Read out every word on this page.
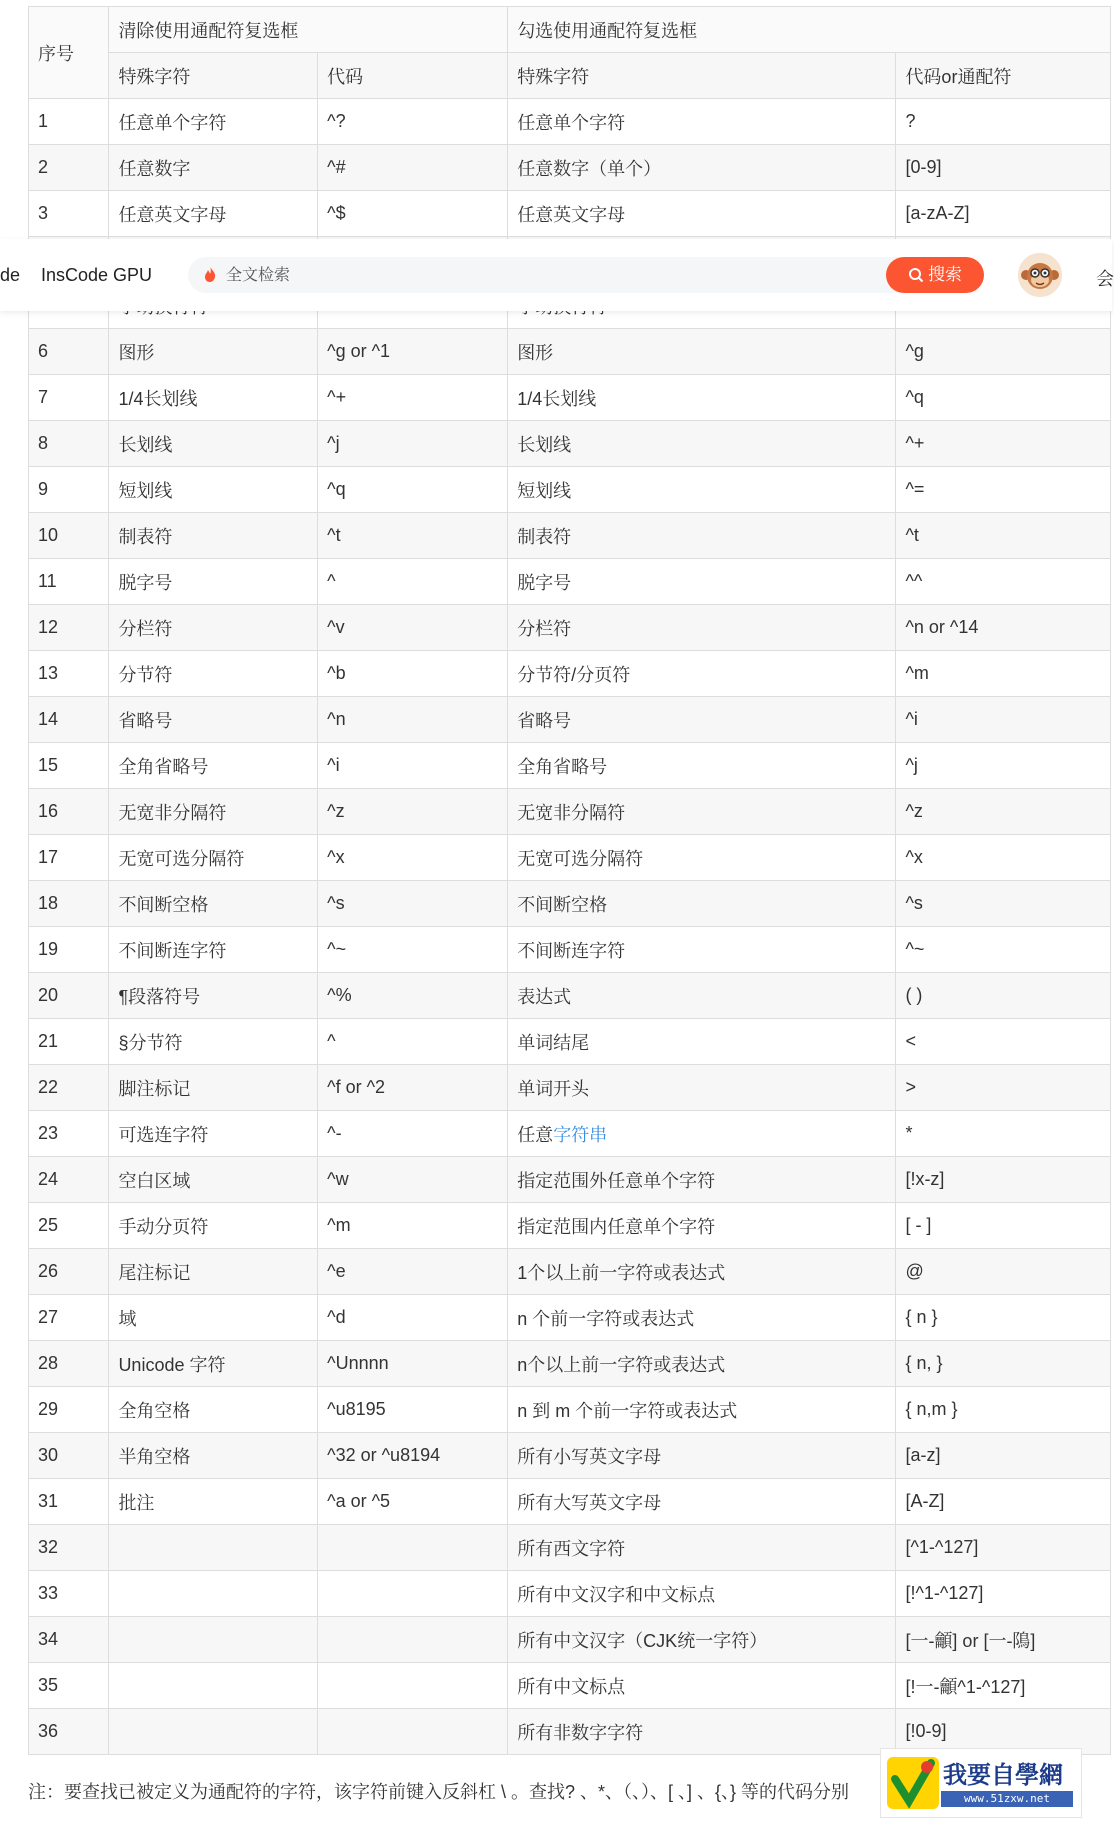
序号	清除使用通配符复选框		勾选使用通配符复选框	
	特殊字符	代码	特殊字符	代码or通配符
1	任意单个字符	^?	任意单个字符	?
2	任意数字	^#	任意数字（单个）	[0-9]
3	任意英文字母	^$	任意英文字母	[a-zA-Z]

6	图形	^g or ^1	图形	^g
7	1/4长划线	^+	1/4长划线	^q
8	长划线	^j	长划线	^+
9	短划线	^q	短划线	^=
10	制表符	^t	制表符	^t
11	脱字号	^	脱字号	^^
12	分栏符	^v	分栏符	^n or ^14
13	分节符	^b	分节符/分页符	^m
14	省略号	^n	省略号	^i
15	全角省略号	^i	全角省略号	^j
16	无宽非分隔符	^z	无宽非分隔符	^z
17	无宽可选分隔符	^x	无宽可选分隔符	^x
18	不间断空格	^s	不间断空格	^s
19	不间断连字符	^~	不间断连字符	^~
20	¶段落符号	^%	表达式	( )
21	§分节符	^	单词结尾	<
22	脚注标记	^f or ^2	单词开头	>
23	可选连字符	^-	任意字符串	*
24	空白区域	^w	指定范围外任意单个字符	[!x-z]
25	手动分页符	^m	指定范围内任意单个字符	[ - ]
26	尾注标记	^e	1个以上前一字符或表达式	@
27	域	^d	n 个前一字符或表达式	{ n }
28	Unicode 字符	^Unnnn	n个以上前一字符或表达式	{ n, }
29	全角空格	^u8195	n 到 m 个前一字符或表达式	{ n,m }
30	半角空格	^32 or ^u8194	所有小写英文字母	[a-z]
31	批注	^a or ^5	所有大写英文字母	[A-Z]
32			所有西文字符	[^1-^127]
33			所有中文汉字和中文标点	[!^1-^127]
34			所有中文汉字（CJK统一字符）	[一-龥] or [一-隝]
35			所有中文标点	[!一-龥^1-^127]
36			所有非数字字符	[!0-9]
de InsCode GPU
全文检索	搜索	会
注：要查找已被定义为通配符的字符，该字符前键入反斜杠 \ 。查找? 、*、（、）、[ 、] 、{、} 等的代码分别
我要自學網
www.51zxw.net
